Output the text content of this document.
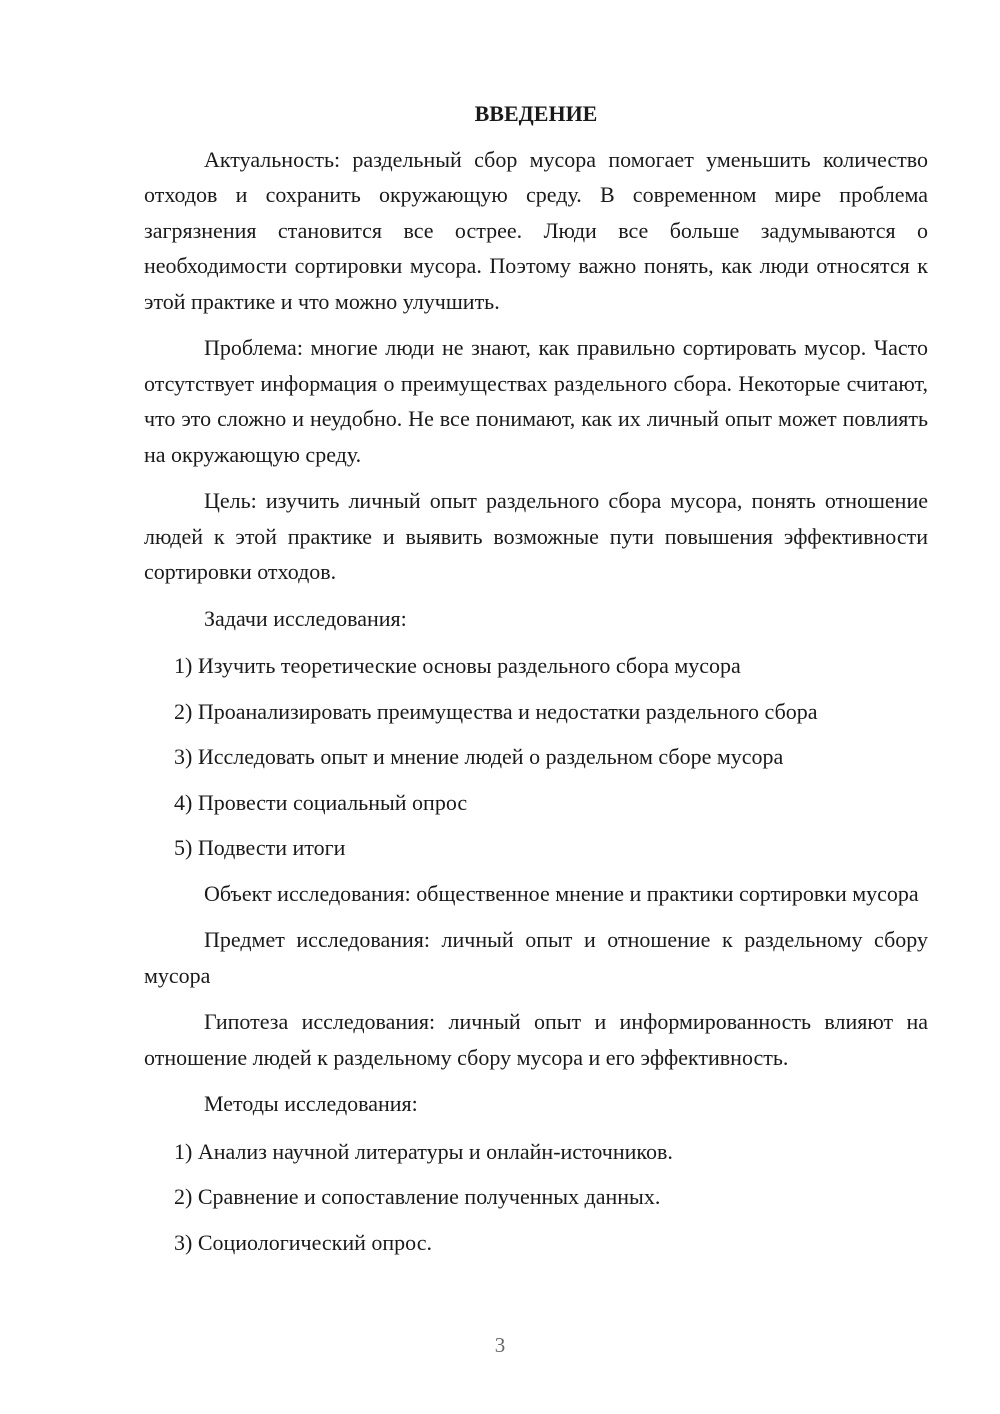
ВВЕДЕНИЕ

Актуальность: раздельный сбор мусора помогает уменьшить количество отходов и сохранить окружающую среду. В современном мире проблема загрязнения становится все острее. Люди все больше задумываются о необходимости сортировки мусора. Поэтому важно понять, как люди относятся к этой практике и что можно улучшить.

Проблема: многие люди не знают, как правильно сортировать мусор. Часто отсутствует информация о преимуществах раздельного сбора. Некоторые считают, что это сложно и неудобно. Не все понимают, как их личный опыт может повлиять на окружающую среду.

Цель: изучить личный опыт раздельного сбора мусора, понять отношение людей к этой практике и выявить возможные пути повышения эффективности сортировки отходов.

Задачи исследования:

1) Изучить теоретические основы раздельного сбора мусора

2) Проанализировать преимущества и недостатки раздельного сбора

3) Исследовать опыт и мнение людей о раздельном сборе мусора

4) Провести социальный опрос

5) Подвести итоги

Объект исследования: общественное мнение и практики сортировки мусора

Предмет исследования: личный опыт и отношение к раздельному сбору мусора

Гипотеза исследования: личный опыт и информированность влияют на отношение людей к раздельному сбору мусора и его эффективность.

Методы исследования:

1) Анализ научной литературы и онлайн-источников.

2) Сравнение и сопоставление полученных данных.

3) Социологический опрос.

3
